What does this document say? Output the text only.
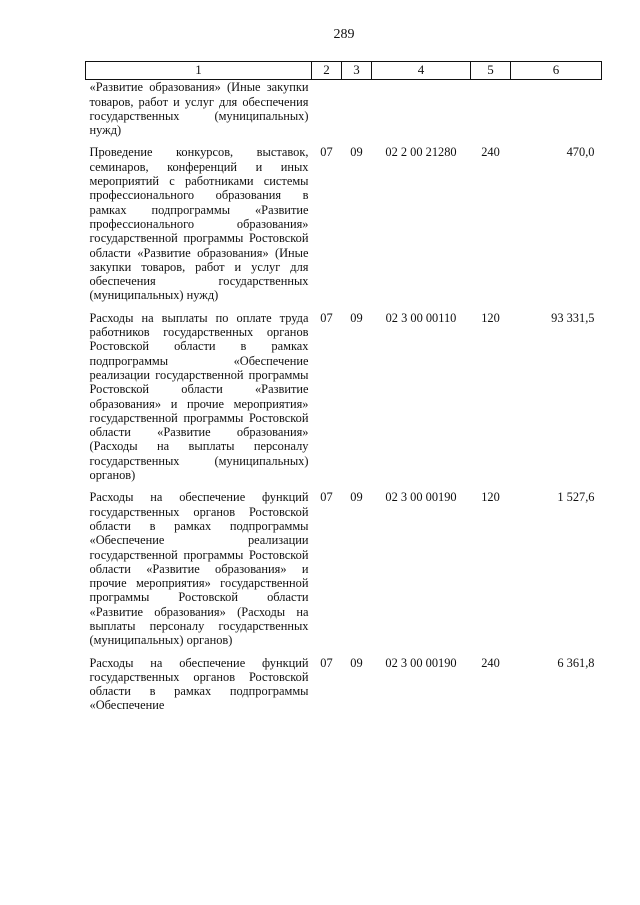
289
1	2	3	4	5	6
«Развитие образования» (Иные закупки товаров, работ и услуг для обеспечения государственных (муниципальных) нужд)					
Проведение конкурсов, выставок, семинаров, конференций и иных мероприятий с работниками системы профессионального образования в рамках подпрограммы «Развитие профессионального образования» государственной программы Ростовской области «Развитие образования» (Иные закупки товаров, работ и услуг для обеспечения государственных (муниципальных) нужд)	07	09	02 2 00 21280	240	470,0
Расходы на выплаты по оплате труда работников государственных органов Ростовской области в рамках подпрограммы «Обеспечение реализации государственной программы Ростовской области «Развитие образования» и прочие мероприятия» государственной программы Ростовской области «Развитие образования» (Расходы на выплаты персоналу государственных (муниципальных) органов)	07	09	02 3 00 00110	120	93 331,5
Расходы на обеспечение функций государственных органов Ростовской области в рамках подпрограммы «Обеспечение реализации государственной программы Ростовской области «Развитие образования» и прочие мероприятия» государственной программы Ростовской области «Развитие образования» (Расходы на выплаты персоналу государственных (муниципальных) органов)	07	09	02 3 00 00190	120	1 527,6
Расходы на обеспечение функций государственных органов Ростовской области в рамках подпрограммы «Обеспечение	07	09	02 3 00 00190	240	6 361,8
